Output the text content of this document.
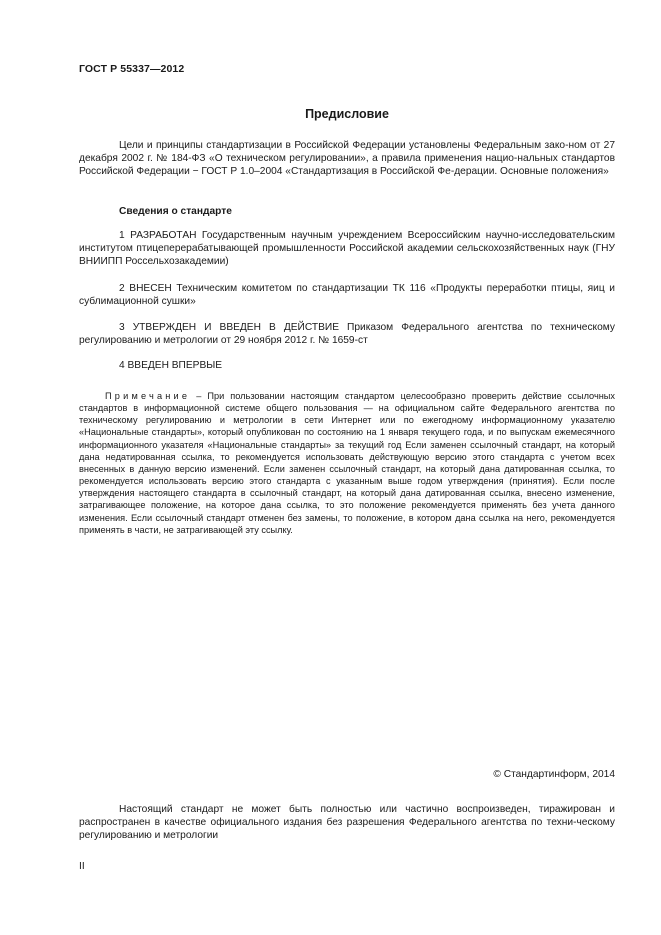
ГОСТ Р 55337—2012
Предисловие
Цели и принципы стандартизации в Российской Федерации установлены Федеральным зако-ном от 27 декабря 2002 г. № 184-ФЗ «О техническом регулировании», а правила применения нацио-нальных стандартов Российской Федерации − ГОСТ Р 1.0–2004 «Стандартизация в Российской Фе-дерации. Основные положения»
Сведения о стандарте
1 РАЗРАБОТАН Государственным научным учреждением Всероссийским научно-исследовательским институтом птицеперерабатывающей промышленности Российской академии сельскохозяйственных наук (ГНУ ВНИИПП Россельхозакадемии)
2 ВНЕСЕН Техническим комитетом по стандартизации ТК 116 «Продукты переработки птицы, яиц и сублимационной сушки»
3 УТВЕРЖДЕН И ВВЕДЕН В ДЕЙСТВИЕ Приказом Федерального агентства по техническому регулированию и метрологии от 29 ноября 2012 г. № 1659-ст
4 ВВЕДЕН ВПЕРВЫЕ
Примечание – При пользовании настоящим стандартом целесообразно проверить действие ссылочных стандартов в информационной системе общего пользования — на официальном сайте Федерального агентства по техническому регулированию и метрологии в сети Интернет или по ежегодному информационному указателю «Национальные стандарты», который опубликован по состоянию на 1 января текущего года, и по выпускам ежемесячного информационного указателя «Национальные стандарты» за текущий год Если заменен ссылочный стандарт, на который дана недатированная ссылка, то рекомендуется использовать действующую версию этого стандарта с учетом всех внесенных в данную версию изменений. Если заменен ссылочный стандарт, на который дана датированная ссылка, то рекомендуется использовать версию этого стандарта с указанным выше годом утверждения (принятия). Если после утверждения настоящего стандарта в ссылочный стандарт, на который дана датированная ссылка, внесено изменение, затрагивающее положение, на которое дана ссылка, то это положение рекомендуется применять без учета данного изменения. Если ссылочный стандарт отменен без замены, то положение, в котором дана ссылка на него, рекомендуется применять в части, не затрагивающей эту ссылку.
© Стандартинформ, 2014
Настоящий стандарт не может быть полностью или частично воспроизведен, тиражирован и распространен в качестве официального издания без разрешения Федерального агентства по техни-ческому регулированию и метрологии
II
